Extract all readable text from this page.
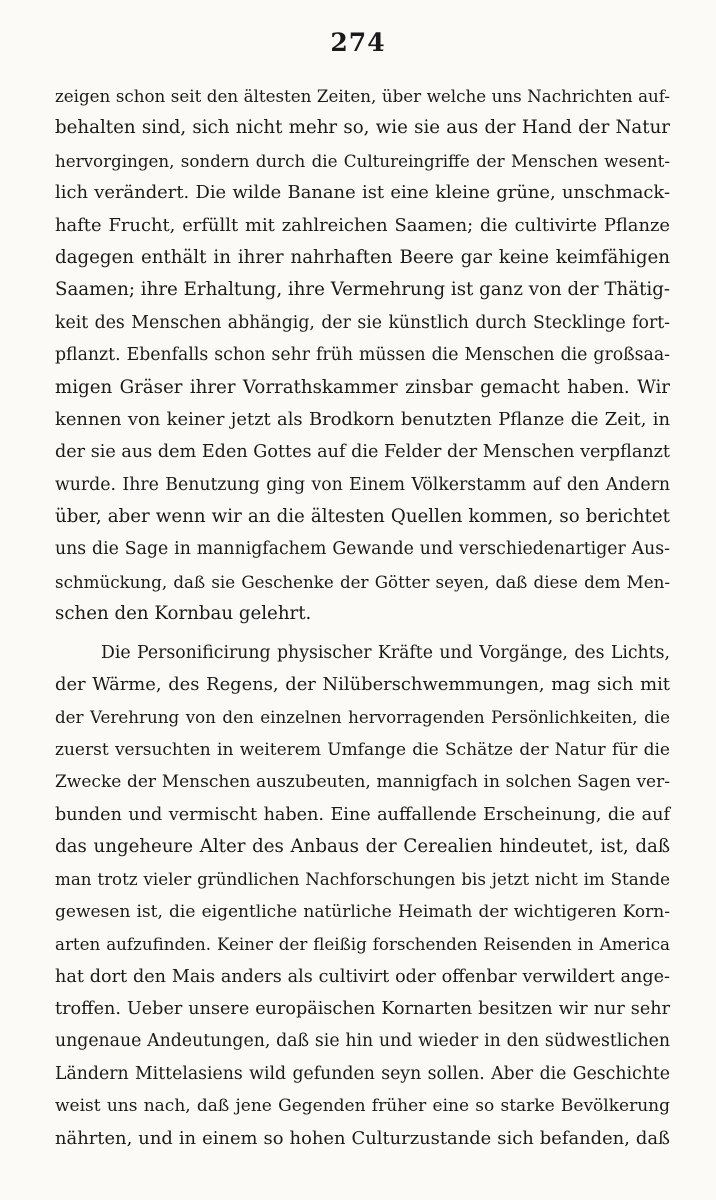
274
zeigen schon seit den ältesten Zeiten, über welche uns Nachrichten auf-
behalten sind, sich nicht mehr so, wie sie aus der Hand der Natur
hervorgingen, sondern durch die Cultureingriffe der Menschen wesent-
lich verändert. Die wilde Banane ist eine kleine grüne, unschmack-
hafte Frucht, erfüllt mit zahlreichen Saamen; die cultivirte Pflanze
dagegen enthält in ihrer nahrhaften Beere gar keine keimfähigen
Saamen; ihre Erhaltung, ihre Vermehrung ist ganz von der Thätig-
keit des Menschen abhängig, der sie künstlich durch Stecklinge fort-
pflanzt. Ebenfalls schon sehr früh müssen die Menschen die großsaa-
migen Gräser ihrer Vorrathskammer zinsbar gemacht haben. Wir
kennen von keiner jetzt als Brodkorn benutzten Pflanze die Zeit, in
der sie aus dem Eden Gottes auf die Felder der Menschen verpflanzt
wurde. Ihre Benutzung ging von Einem Völkerstamm auf den Andern
über, aber wenn wir an die ältesten Quellen kommen, so berichtet
uns die Sage in mannigfachem Gewande und verschiedenartiger Aus-
schmückung, daß sie Geschenke der Götter seyen, daß diese dem Men-
schen den Kornbau gelehrt.
Die Personificirung physischer Kräfte und Vorgänge, des Lichts,
der Wärme, des Regens, der Nilüberschwemmungen, mag sich mit
der Verehrung von den einzelnen hervorragenden Persönlichkeiten, die
zuerst versuchten in weiterem Umfange die Schätze der Natur für die
Zwecke der Menschen auszubeuten, mannigfach in solchen Sagen ver-
bunden und vermischt haben. Eine auffallende Erscheinung, die auf
das ungeheure Alter des Anbaus der Cerealien hindeutet, ist, daß
man trotz vieler gründlichen Nachforschungen bis jetzt nicht im Stande
gewesen ist, die eigentliche natürliche Heimath der wichtigeren Korn-
arten aufzufinden. Keiner der fleißig forschenden Reisenden in America
hat dort den Mais anders als cultivirt oder offenbar verwildert ange-
troffen. Ueber unsere europäischen Kornarten besitzen wir nur sehr
ungenaue Andeutungen, daß sie hin und wieder in den südwestlichen
Ländern Mittelasiens wild gefunden seyn sollen. Aber die Geschichte
weist uns nach, daß jene Gegenden früher eine so starke Bevölkerung
nährten, und in einem so hohen Culturzustande sich befanden, daß
